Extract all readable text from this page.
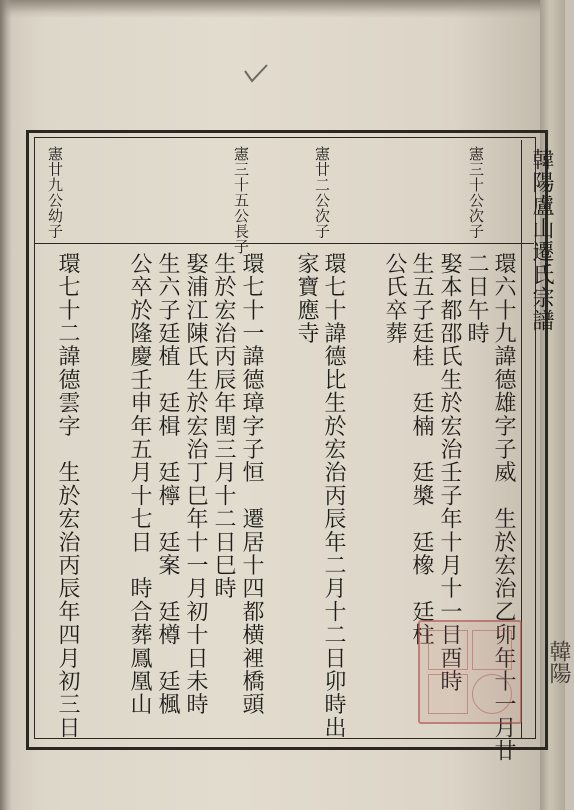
韓陽盧山遷氏宗譜
韓陽
憲三十公次子
憲廿二公次子
憲三十五公長子
憲廿九公幼子
環六十九諱德雄字子威　生於宏治乙卯年十一月廿
二日午時
娶本都邵氏生於宏治壬子年十月十一日酉時
生五子廷桂　廷楠　廷槳　廷橡　廷柱
公氏卒葬
環七十諱德比生於宏治丙辰年二月十二日卯時出
家寶應寺
環七十一諱德璋字子恒　遷居十四都横裡橋頭
生於宏治丙辰年閏三月十二日巳時
娶浦江陳氏生於宏治丁巳年十一月初十日未時
生六子廷植　廷楫　廷檸　廷案　廷樽　廷楓
公卒於隆慶壬申年五月十七日　時合葬鳳凰山
環七十二諱德雲字　生於宏治丙辰年四月初三日
